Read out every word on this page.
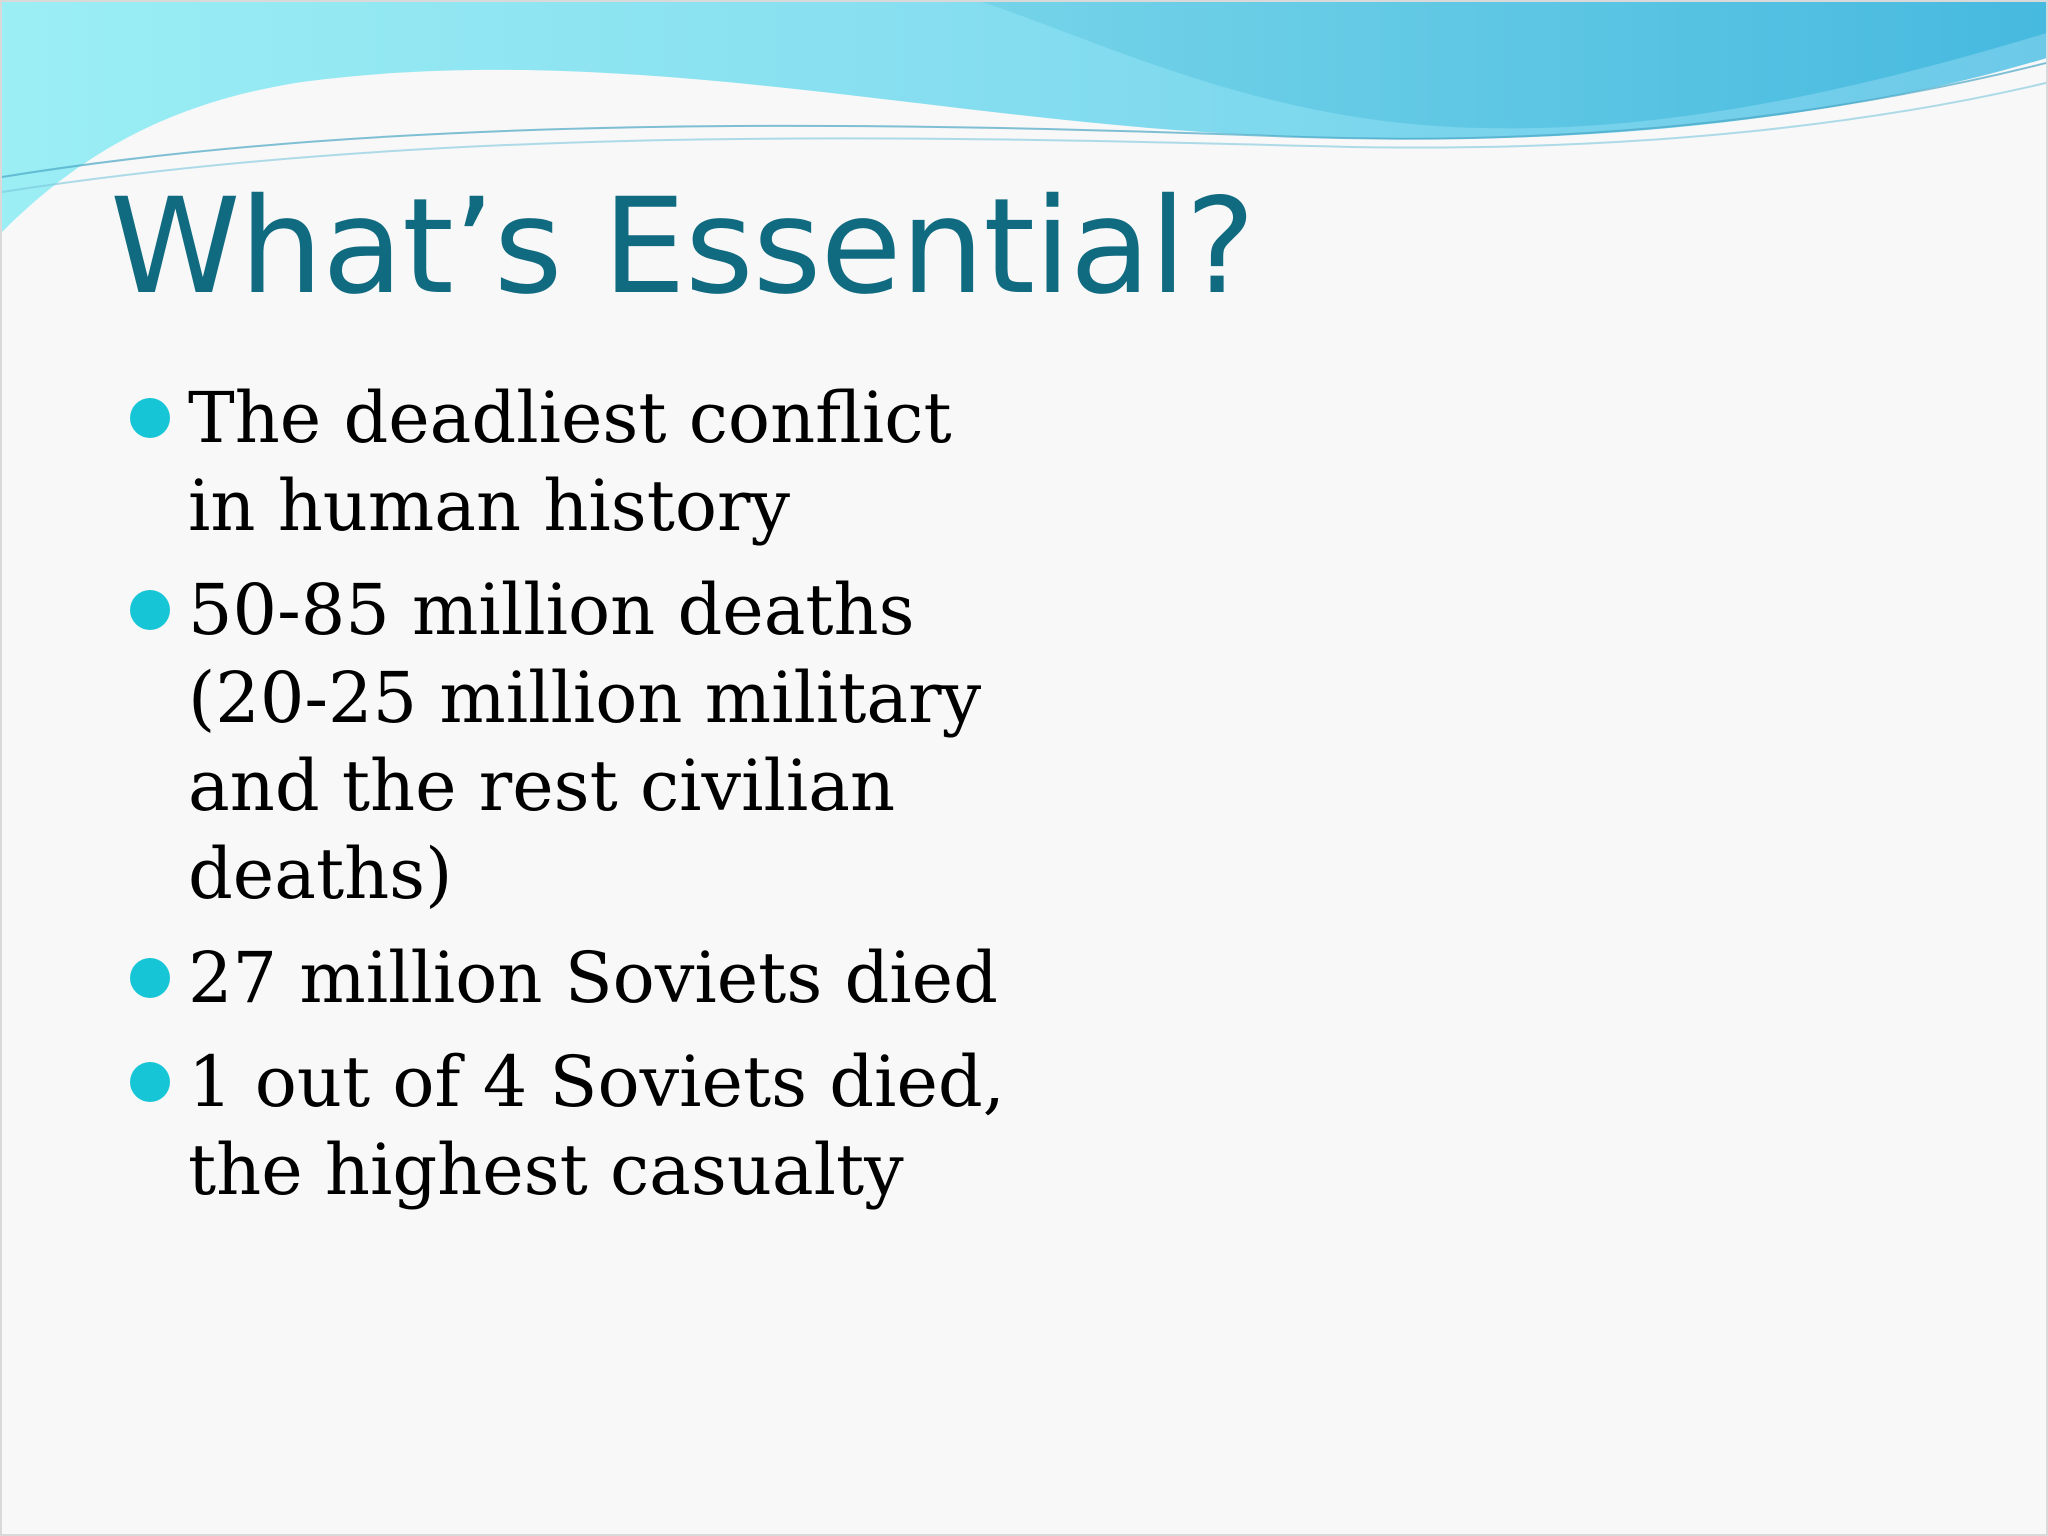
What’s Essential?
The deadliest conflict in human history
50-85 million deaths (20-25 million military and the rest civilian deaths)
27 million Soviets died
1 out of 4 Soviets died, the highest casualty
